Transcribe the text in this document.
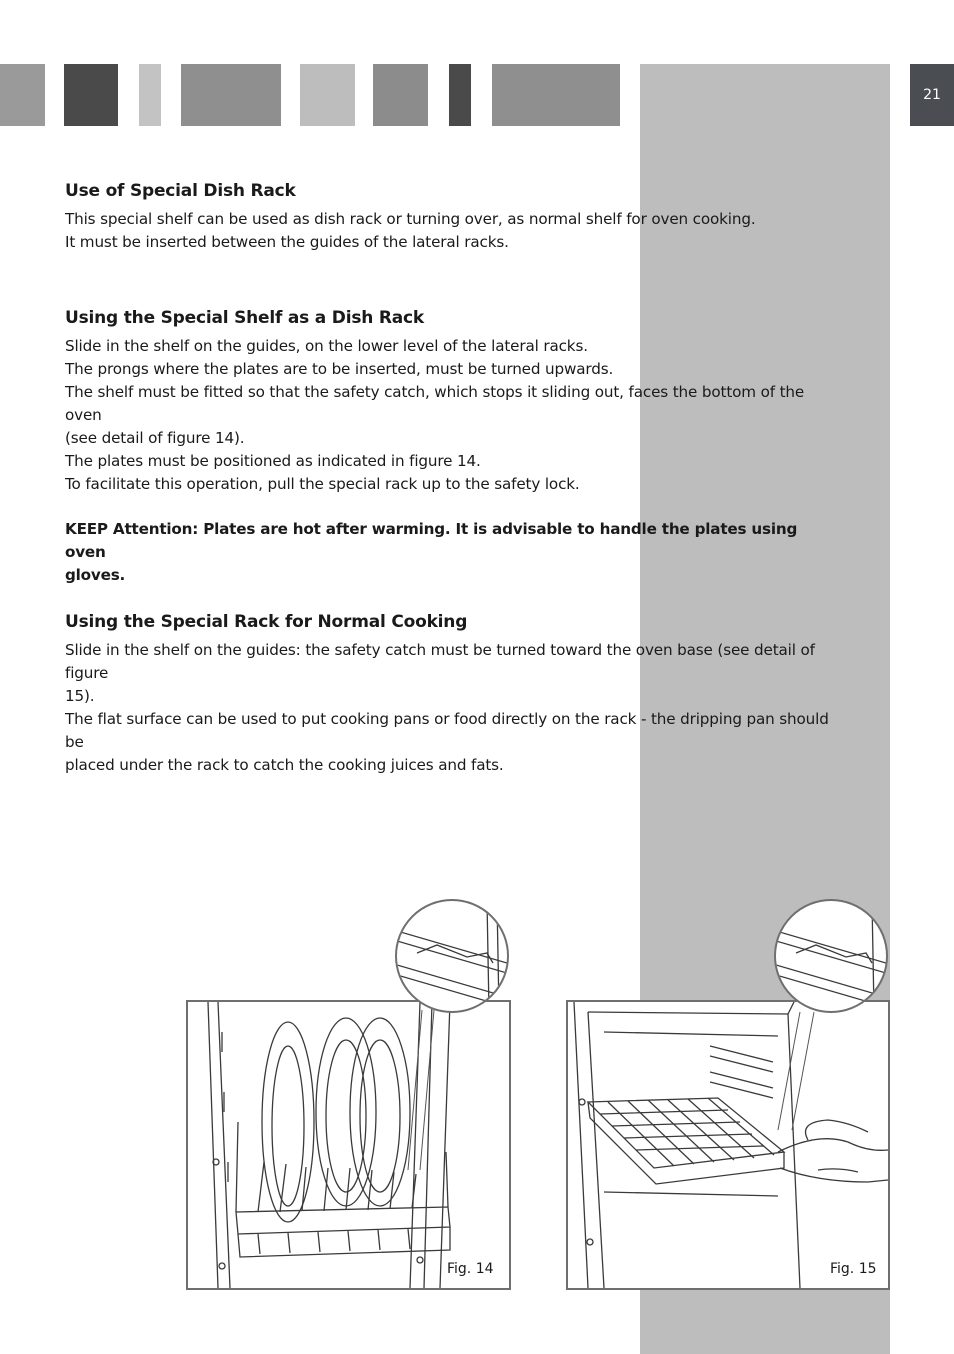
21
Use of Special Dish Rack

This special shelf can be used as dish rack or turning over, as normal shelf for oven cooking.

It must be inserted between the guides of the lateral racks.

Using the Special Shelf as a Dish Rack

Slide in the shelf on the guides, on the lower level of the lateral racks.

The prongs where the plates are to be inserted, must be turned upwards.

The shelf must be fitted so that the safety catch, which stops it sliding out, faces the bottom of the oven

(see detail of figure 14).

The plates must be positioned as indicated in figure 14.

To facilitate this operation, pull the special rack up to the safety lock.

KEEP Attention: Plates are hot after warming. It is advisable to handle the plates using oven

gloves.

Using the Special Rack for Normal Cooking

Slide in the shelf on the guides: the safety catch must be turned toward the oven base (see detail of figure

15).

The flat surface can be used to put cooking pans or food directly on the rack - the dripping pan should be

placed under the rack to catch the cooking juices and fats.

Fig. 14	Fig. 15
